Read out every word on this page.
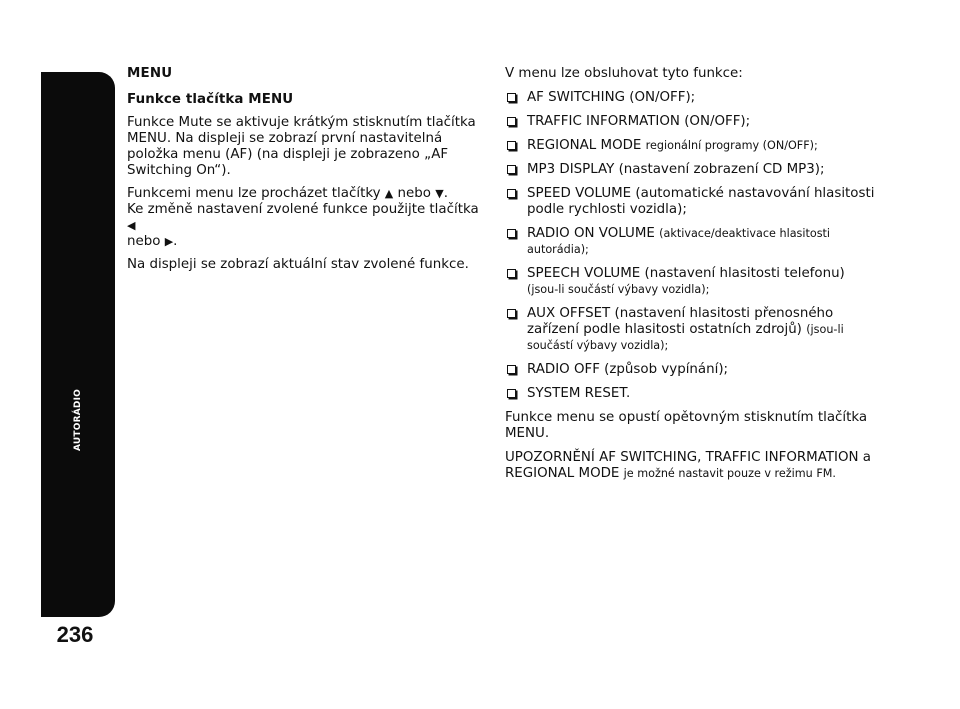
AUTORÁDIO
236
MENU
Funkce tlačítka MENU

Funkce Mute se aktivuje krátkým stisknutím tlačítka MENU. Na displeji se zobrazí první nastavitelná položka menu (AF) (na displeji je zobrazeno „AF Switching On“).

Funkcemi menu lze procházet tlačítky ▲ nebo ▼.
Ke změně nastavení zvolené funkce použijte tlačítka ◀
nebo ▶.

Na displeji se zobrazí aktuální stav zvolené funkce.

V menu lze obsluhovat tyto funkce:

AF SWITCHING (ON/OFF);
TRAFFIC INFORMATION (ON/OFF);
REGIONAL MODE regionální programy (ON/OFF);
MP3 DISPLAY (nastavení zobrazení CD MP3);
SPEED VOLUME (automatické nastavování hlasitosti podle rychlosti vozidla);
RADIO ON VOLUME (aktivace/deaktivace hlasitosti autorádia);
SPEECH VOLUME (nastavení hlasitosti telefonu)
(jsou-li součástí výbavy vozidla);
AUX OFFSET (nastavení hlasitosti přenosného zařízení podle hlasitosti ostatních zdrojů) (jsou-li součástí výbavy vozidla);
RADIO OFF (způsob vypínání);
SYSTEM RESET.

Funkce menu se opustí opětovným stisknutím tlačítka MENU.

UPOZORNĚNÍ AF SWITCHING, TRAFFIC INFORMATION a REGIONAL MODE je možné nastavit pouze v režimu FM.
